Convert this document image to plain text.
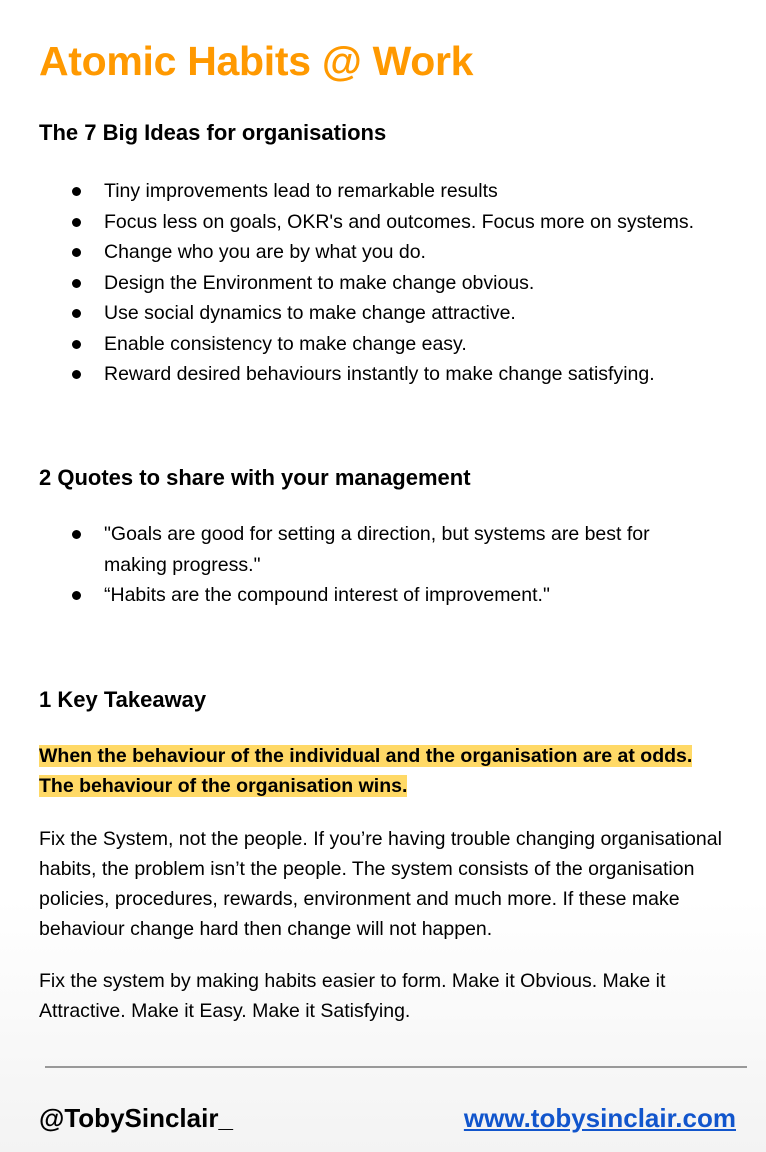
Atomic Habits @ Work
The 7 Big Ideas for organisations
Tiny improvements lead to remarkable results
Focus less on goals, OKR's and outcomes. Focus more on systems.
Change who you are by what you do.
Design the Environment to make change obvious.
Use social dynamics to make change attractive.
Enable consistency to make change easy.
Reward desired behaviours instantly to make change satisfying.
2 Quotes to share with your management
"Goals are good for setting a direction, but systems are best for making progress."
“Habits are the compound interest of improvement."
1 Key Takeaway

When the behaviour of the individual and the organisation are at odds.
The behaviour of the organisation wins.

Fix the System, not the people. If you’re having trouble changing organisational habits, the problem isn’t the people. The system consists of the organisation policies, procedures, rewards, environment and much more. If these make behaviour change hard then change will not happen.

Fix the system by making habits easier to form. Make it Obvious. Make it Attractive. Make it Easy. Make it Satisfying.

@TobySinclair_	www.tobysinclair.com
